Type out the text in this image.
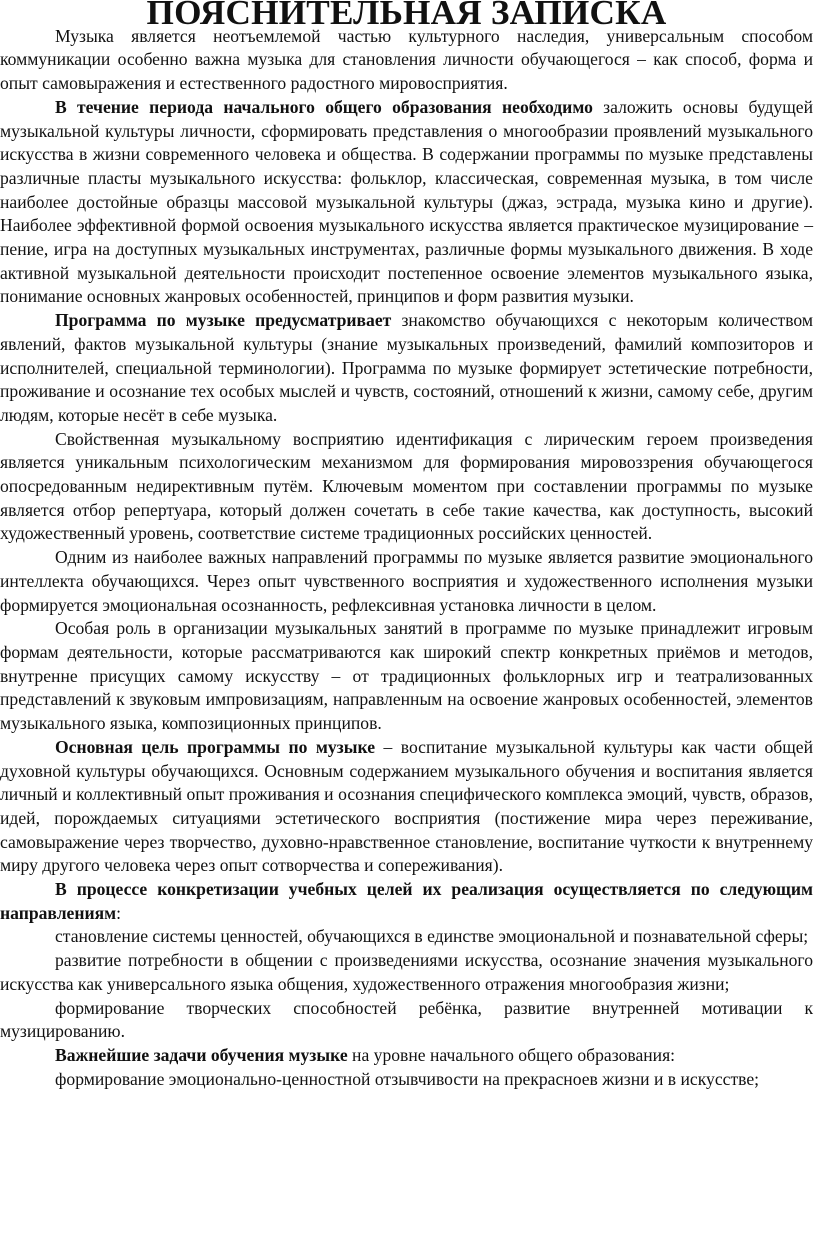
ПОЯСНИТЕЛЬНАЯ ЗАПИСКА

Музыка является неотъемлемой частью культурного наследия, универсальным способом коммуникации особенно важна музыка для становления личности обучающегося – как способ, форма и опыт самовыражения и естественного радостного мировосприятия.

В течение периода начального общего образования необходимо заложить основы будущей музыкальной культуры личности, сформировать представления о многообразии проявлений музыкального искусства в жизни современного человека и общества. В содержании программы по музыке представлены различные пласты музыкального искусства: фольклор, классическая, современная музыка, в том числе наиболее достойные образцы массовой музыкальной культуры (джаз, эстрада, музыка кино и другие). Наиболее эффективной формой освоения музыкального искусства является практическое музицирование – пение, игра на доступных музыкальных инструментах, различные формы музыкального движения. В ходе активной музыкальной деятельности происходит постепенное освоение элементов музыкального языка, понимание основных жанровых особенностей, принципов и форм развития музыки.

Программа по музыке предусматривает знакомство обучающихся с некоторым количеством явлений, фактов музыкальной культуры (знание музыкальных произведений, фамилий композиторов и исполнителей, специальной терминологии). Программа по музыке формирует эстетические потребности, проживание и осознание тех особых мыслей и чувств, состояний, отношений к жизни, самому себе, другим людям, которые несёт в себе музыка.

Свойственная музыкальному восприятию идентификация с лирическим героем произведения является уникальным психологическим механизмом для формирования мировоззрения обучающегося опосредованным недирективным путём. Ключевым моментом при составлении программы по музыке является отбор репертуара, который должен сочетать в себе такие качества, как доступность, высокий художественный уровень, соответствие системе традиционных российских ценностей.

Одним из наиболее важных направлений программы по музыке является развитие эмоционального интеллекта обучающихся. Через опыт чувственного восприятия и художественного исполнения музыки формируется эмоциональная осознанность, рефлексивная установка личности в целом.

Особая роль в организации музыкальных занятий в программе по музыке принадлежит игровым формам деятельности, которые рассматриваются как широкий спектр конкретных приёмов и методов, внутренне присущих самому искусству – от традиционных фольклорных игр и театрализованных представлений к звуковым импровизациям, направленным на освоение жанровых особенностей, элементов музыкального языка, композиционных принципов.

Основная цель программы по музыке – воспитание музыкальной культуры как части общей духовной культуры обучающихся. Основным содержанием музыкального обучения и воспитания является личный и коллективный опыт проживания и осознания специфического комплекса эмоций, чувств, образов, идей, порождаемых ситуациями эстетического восприятия (постижение мира через переживание, самовыражение через творчество, духовно-нравственное становление, воспитание чуткости к внутреннему миру другого человека через опыт сотворчества и сопереживания).

В процессе конкретизации учебных целей их реализация осуществляется по следующим направлениям:

становление системы ценностей, обучающихся в единстве эмоциональной и познавательной сферы;

развитие потребности в общении с произведениями искусства, осознание значения музыкального искусства как универсального языка общения, художественного отражения многообразия жизни;

формирование творческих способностей ребёнка, развитие внутренней мотивации к музицированию.

Важнейшие задачи обучения музыке на уровне начального общего образования:

формирование эмоционально-ценностной отзывчивости на прекрасноев жизни и в искусстве;
